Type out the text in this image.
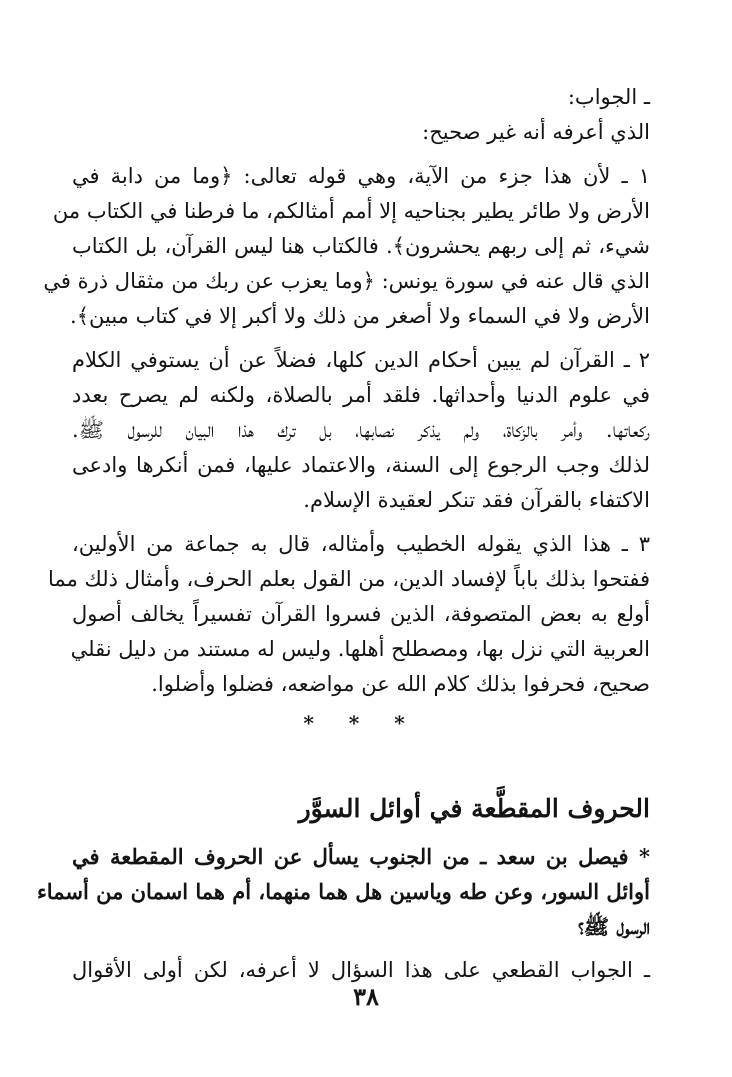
ـ الجواب:
الذي أعرفه أنه غير صحيح:
١ ـ لأن هذا جزء من الآية، وهي قوله تعالى: ﴿وما من دابة في
الأرض ولا طائر يطير بجناحيه إلا أمم أمثالكم، ما فرطنا في الكتاب من
شيء، ثم إلى ربهم يحشرون﴾. فالكتاب هنا ليس القرآن، بل الكتاب
الذي قال عنه في سورة يونس: ﴿وما يعزب عن ربك من مثقال ذرة في
الأرض ولا في السماء ولا أصغر من ذلك ولا أكبر إلا في كتاب مبين﴾.
٢ ـ القرآن لم يبين أحكام الدين كلها، فضلاً عن أن يستوفي الكلام
في علوم الدنيا وأحداثها. فلقد أمر بالصلاة، ولكنه لم يصرح بعدد
ركعاتها. وأمر بالزكاة، ولم يذكر نصابها، بل ترك هذا البيان للرسول ﷺ.
لذلك وجب الرجوع إلى السنة، والاعتماد عليها، فمن أنكرها وادعى
الاكتفاء بالقرآن فقد تنكر لعقيدة الإسلام.
٣ ـ هذا الذي يقوله الخطيب وأمثاله، قال به جماعة من الأولين،
ففتحوا بذلك باباً لإفساد الدين، من القول بعلم الحرف، وأمثال ذلك مما
أولع به بعض المتصوفة، الذين فسروا القرآن تفسيراً يخالف أصول
العربية التي نزل بها، ومصطلح أهلها. وليس له مستند من دليل نقلي
صحيح، فحرفوا بذلك كلام الله عن مواضعه، فضلوا وأضلوا.
* * *
الحروف المقطَّعة في أوائل السوَّر
* فيصل بن سعد ـ من الجنوب يسأل عن الحروف المقطعة في
أوائل السور، وعن طه وياسين هل هما منهما، أم هما اسمان من أسماء
الرسول ﷺ؟
ـ الجواب القطعي على هذا السؤال لا أعرفه، لكن أولى الأقوال
٣٨
